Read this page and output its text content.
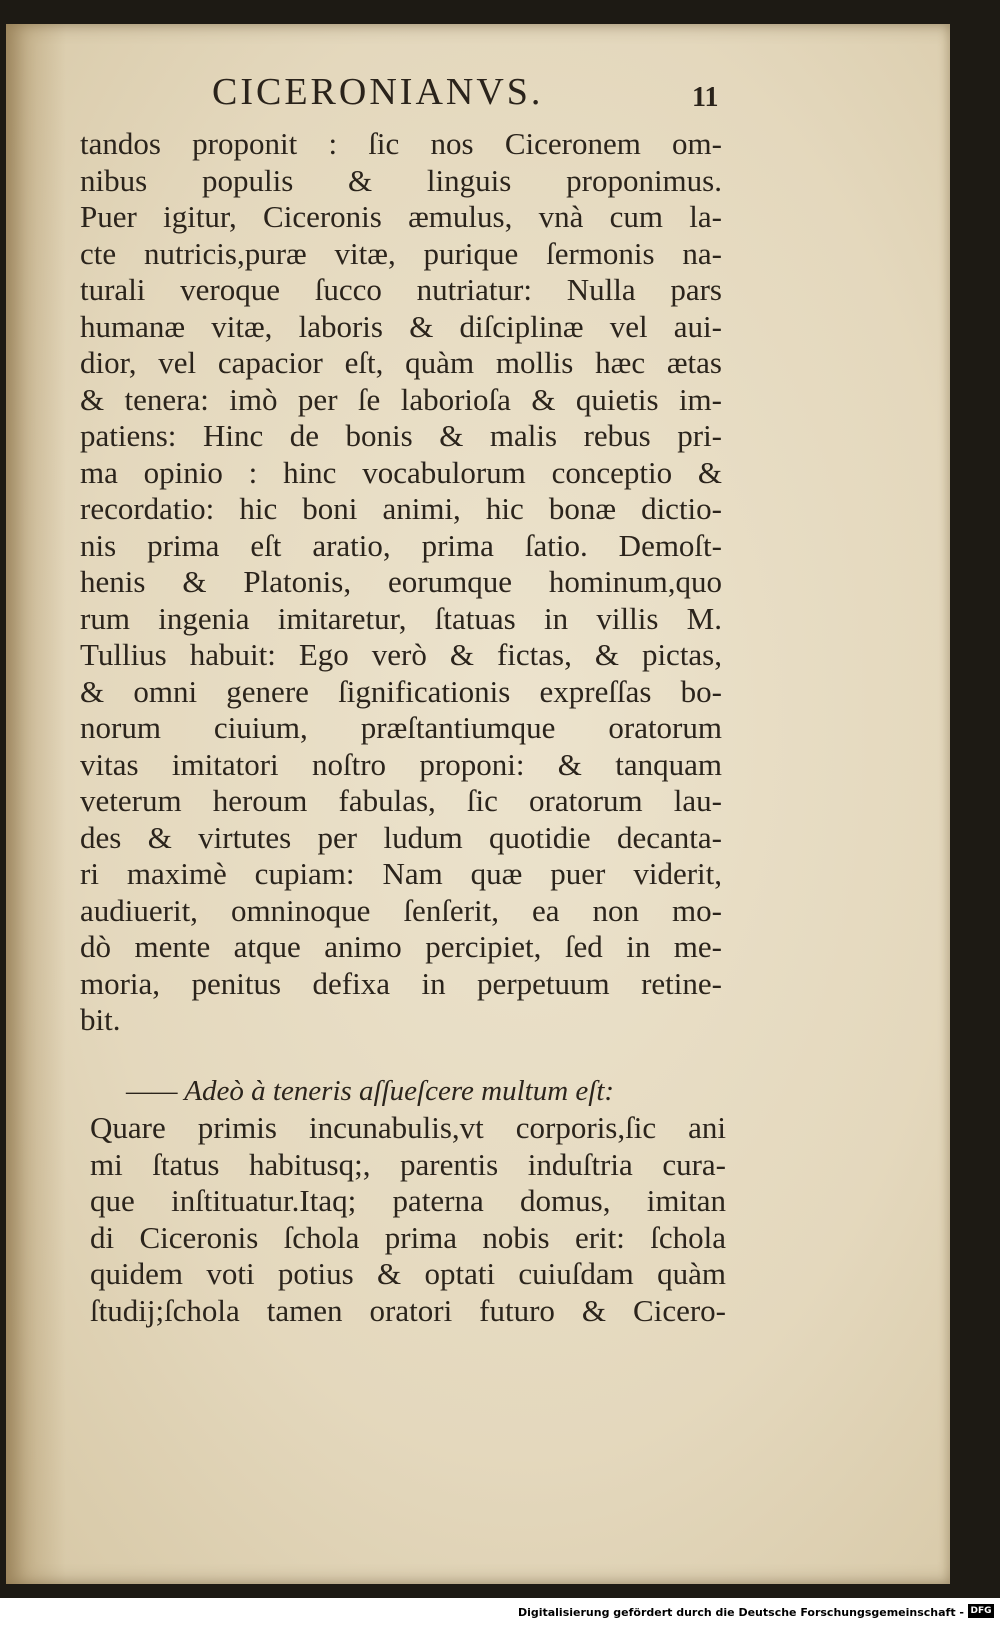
CICERONIANVS.	11
tandos proponit : ſic nos Ciceronem om-
nibus populis & linguis proponimus.
Puer igitur, Ciceronis æmulus, vnà cum la-
cte nutricis,puræ vitæ, purique ſermonis na-
turali veroque ſucco nutriatur: Nulla pars
humanæ vitæ, laboris & diſciplinæ vel aui-
dior, vel capacior eſt, quàm mollis hæc ætas
& tenera: imò per ſe laborioſa & quietis im-
patiens: Hinc de bonis & malis rebus pri-
ma opinio : hinc vocabulorum conceptio &
recordatio: hic boni animi, hic bonæ dictio-
nis prima eſt aratio, prima ſatio. Demoſt-
henis & Platonis, eorumque hominum,quo
rum ingenia imitaretur, ſtatuas in villis M.
Tullius habuit: Ego verò & fictas, & pictas,
& omni genere ſignificationis expreſſas bo-
norum ciuium, præſtantiumque oratorum
vitas imitatori noſtro proponi: & tanquam
veterum heroum fabulas, ſic oratorum lau-
des & virtutes per ludum quotidie decanta-
ri maximè cupiam: Nam quæ puer viderit,
audiuerit, omninoque ſenſerit, ea non mo-
dò mente atque animo percipiet, ſed in me-
moria, penitus defixa in perpetuum retine-
bit.
—— Adeò à teneris aſſueſcere multum eſt:
Quare primis incunabulis,vt corporis,ſic ani
mi ſtatus habitusq;, parentis induſtria cura-
que inſtituatur.Itaq; paterna domus, imitan
di Ciceronis ſchola prima nobis erit: ſchola
quidem voti potius & optati cuiuſdam quàm
ſtudij;ſchola tamen oratori futuro & Cicero-
Digitalisierung gefördert durch die Deutsche Forschungsgemeinschaft - DFG
